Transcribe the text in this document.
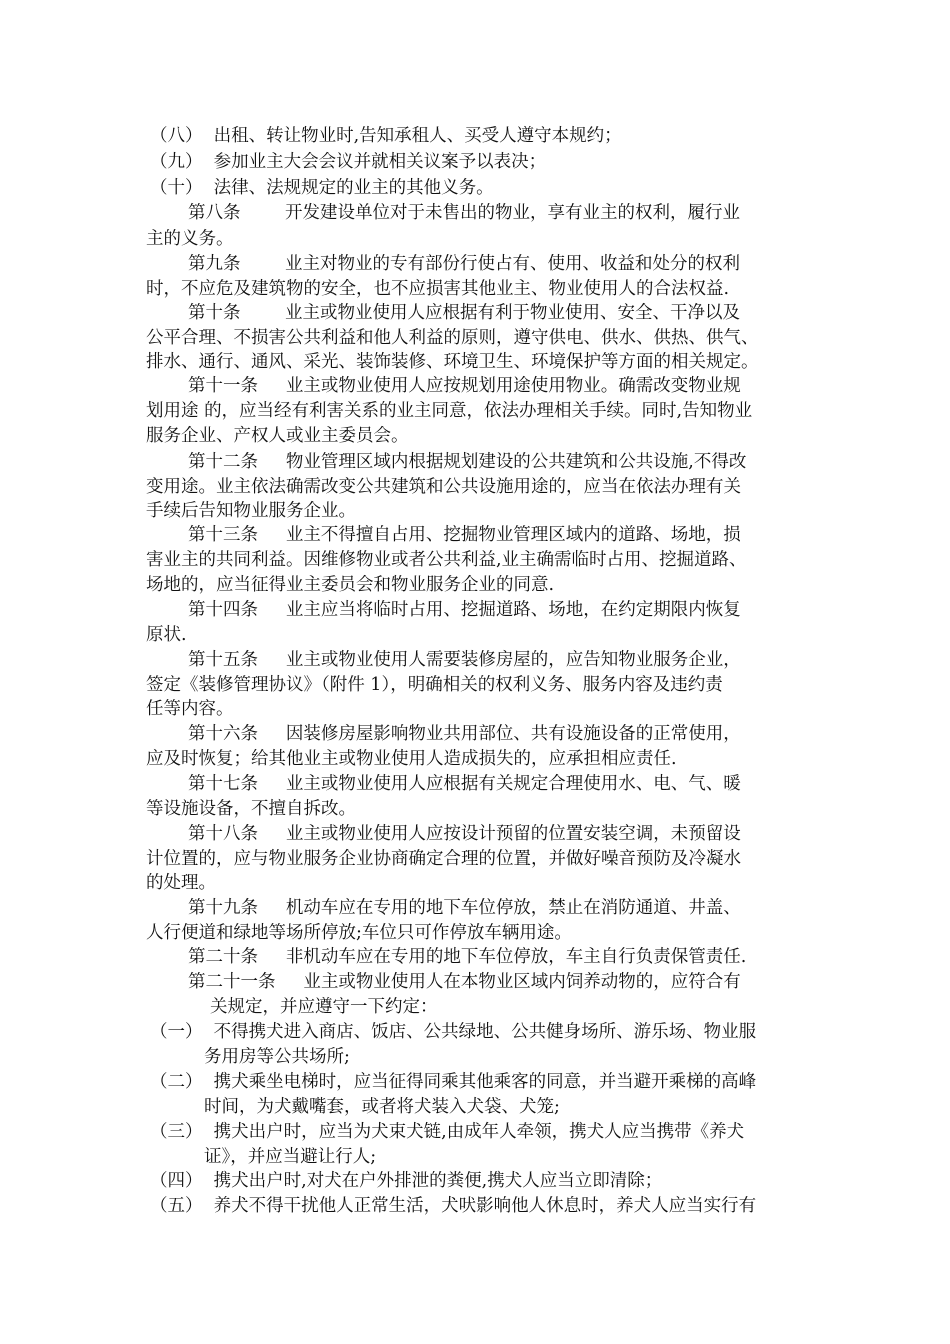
（八）  出租、转让物业时,告知承租人、买受人遵守本规约；
（九）  参加业主大会会议并就相关议案予以表决；
（十）  法律、法规规定的业主的其他义务。
第八条        开发建设单位对于未售出的物业，享有业主的权利，履行业
主的义务。
第九条        业主对物业的专有部份行使占有、使用、收益和处分的权利
时，不应危及建筑物的安全，也不应损害其他业主、物业使用人的合法权益.
第十条        业主或物业使用人应根据有利于物业使用、安全、干净以及
公平合理、不损害公共利益和他人利益的原则，遵守供电、供水、供热、供气、
排水、通行、通风、采光、装饰装修、环境卫生、环境保护等方面的相关规定。
第十一条     业主或物业使用人应按规划用途使用物业。确需改变物业规
划用途 的，应当经有利害关系的业主同意，依法办理相关手续。同时,告知物业
服务企业、产权人或业主委员会。
第十二条     物业管理区域内根据规划建设的公共建筑和公共设施,不得改
变用途。业主依法确需改变公共建筑和公共设施用途的，应当在依法办理有关
手续后告知物业服务企业。
第十三条     业主不得擅自占用、挖掘物业管理区域内的道路、场地，损
害业主的共同利益。因维修物业或者公共利益,业主确需临时占用、挖掘道路、
场地的，应当征得业主委员会和物业服务企业的同意.
第十四条     业主应当将临时占用、挖掘道路、场地，在约定期限内恢复
原状.
第十五条     业主或物业使用人需要装修房屋的，应告知物业服务企业，
签定《装修管理协议》（附件 1），明确相关的权利义务、服务内容及违约责
任等内容。
第十六条     因装修房屋影响物业共用部位、共有设施设备的正常使用，
应及时恢复；给其他业主或物业使用人造成损失的，应承担相应责任.
第十七条     业主或物业使用人应根据有关规定合理使用水、电、气、暖
等设施设备，不擅自拆改。
第十八条     业主或物业使用人应按设计预留的位置安装空调，未预留设
计位置的，应与物业服务企业协商确定合理的位置，并做好噪音预防及冷凝水
的处理。
第十九条     机动车应在专用的地下车位停放，禁止在消防通道、井盖、
人行便道和绿地等场所停放;车位只可作停放车辆用途。
第二十条     非机动车应在专用的地下车位停放，车主自行负责保管责任.
第二十一条     业主或物业使用人在本物业区域内饲养动物的，应符合有
关规定，并应遵守一下约定：
（一）  不得携犬进入商店、饭店、公共绿地、公共健身场所、游乐场、物业服
务用房等公共场所;
（二）  携犬乘坐电梯时，应当征得同乘其他乘客的同意，并当避开乘梯的高峰
时间，为犬戴嘴套，或者将犬装入犬袋、犬笼;
（三）  携犬出户时，应当为犬束犬链,由成年人牵领，携犬人应当携带《养犬
证》，并应当避让行人;
（四）  携犬出户时,对犬在户外排泄的粪便,携犬人应当立即清除；
（五）  养犬不得干扰他人正常生活，犬吠影响他人休息时，养犬人应当实行有
